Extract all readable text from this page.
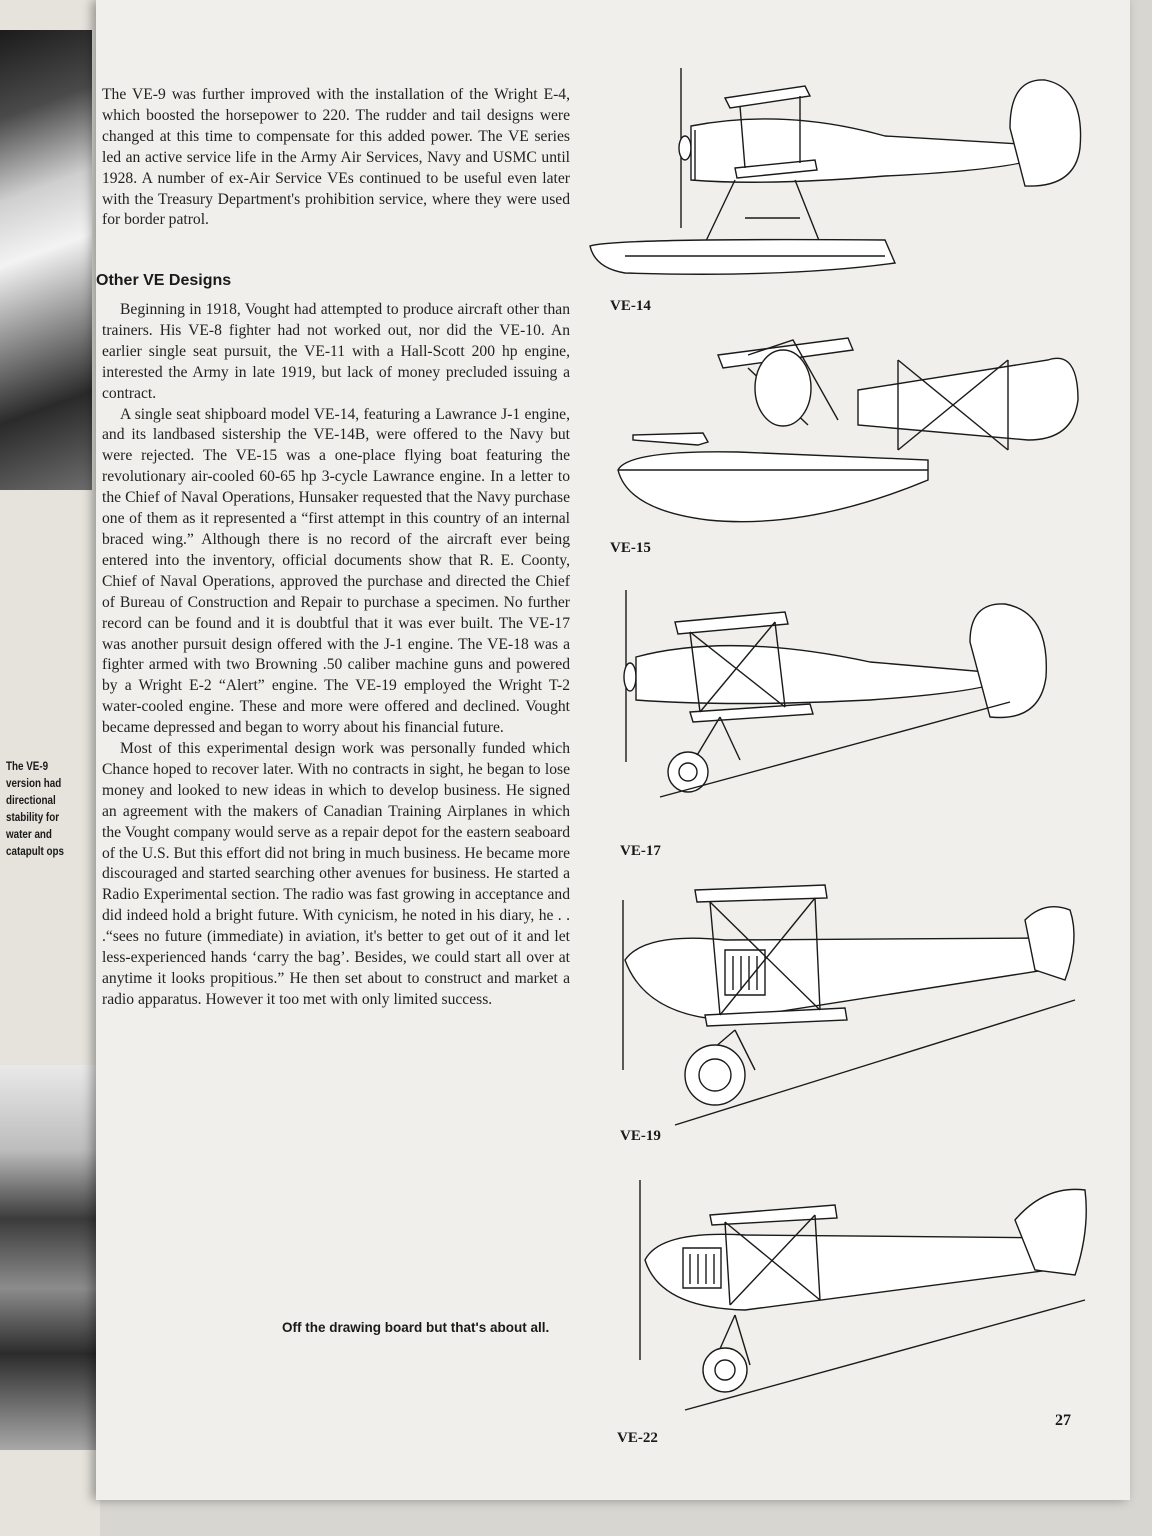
The VE-9 version had
directional stability for
water and catapult ops
The VE-9 was further improved with the installation of the Wright E-4, which boosted the horsepower to 220. The rudder and tail designs were changed at this time to compensate for this added power. The VE series led an active service life in the Army Air Services, Navy and USMC until 1928. A number of ex-Air Service VEs continued to be useful even later with the Treasury Department's prohibition service, where they were used for border patrol.
Other VE Designs
Beginning in 1918, Vought had attempted to produce aircraft other than trainers. His VE-8 fighter had not worked out, nor did the VE-10. An earlier single seat pursuit, the VE-11 with a Hall-Scott 200 hp engine, interested the Army in late 1919, but lack of money precluded issuing a contract.
A single seat shipboard model VE-14, featuring a Lawrance J-1 engine, and its landbased sistership the VE-14B, were offered to the Navy but were rejected. The VE-15 was a one-place flying boat featuring the revolutionary air-cooled 60-65 hp 3-cycle Lawrance engine. In a letter to the Chief of Naval Operations, Hunsaker requested that the Navy purchase one of them as it represented a “first attempt in this country of an internal braced wing.” Although there is no record of the aircraft ever being entered into the inventory, official documents show that R. E. Coonty, Chief of Naval Operations, approved the purchase and directed the Chief of Bureau of Construction and Repair to purchase a specimen. No further record can be found and it is doubtful that it was ever built. The VE-17 was another pursuit design offered with the J-1 engine. The VE-18 was a fighter armed with two Browning .50 caliber machine guns and powered by a Wright E-2 “Alert” engine. The VE-19 employed the Wright T-2 water-cooled engine. These and more were offered and declined. Vought became depressed and began to worry about his financial future.
Most of this experimental design work was personally funded which Chance hoped to recover later. With no contracts in sight, he began to lose money and looked to new ideas in which to develop business. He signed an agreement with the makers of Canadian Training Airplanes in which the Vought company would serve as a repair depot for the eastern seaboard of the U.S. But this effort did not bring in much business. He became more discouraged and started searching other avenues for business. He started a Radio Experimental section. The radio was fast growing in acceptance and did indeed hold a bright future. With cynicism, he noted in his diary, he . . .“sees no future (immediate) in aviation, it's better to get out of it and let less-experienced hands ‘carry the bag’. Besides, we could start all over at anytime it looks propitious.” He then set about to construct and market a radio apparatus. However it too met with only limited success.
VE-14
VE-15
VE-17
VE-19
VE-22
Off the drawing board but that's about all.
27
